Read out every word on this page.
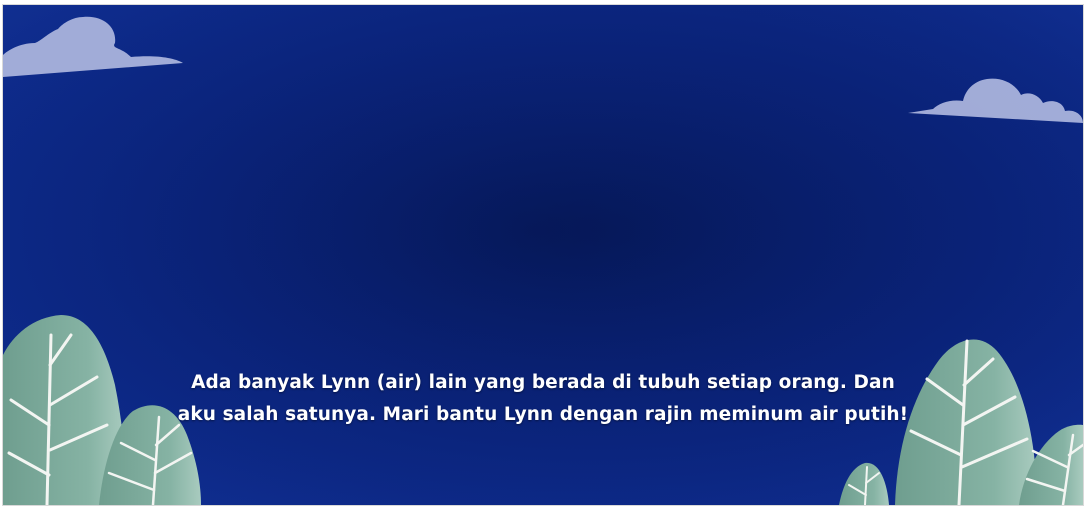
Ada banyak Lynn (air) lain yang berada di tubuh setiap orang. Dan
aku salah satunya. Mari bantu Lynn dengan rajin meminum air putih!
